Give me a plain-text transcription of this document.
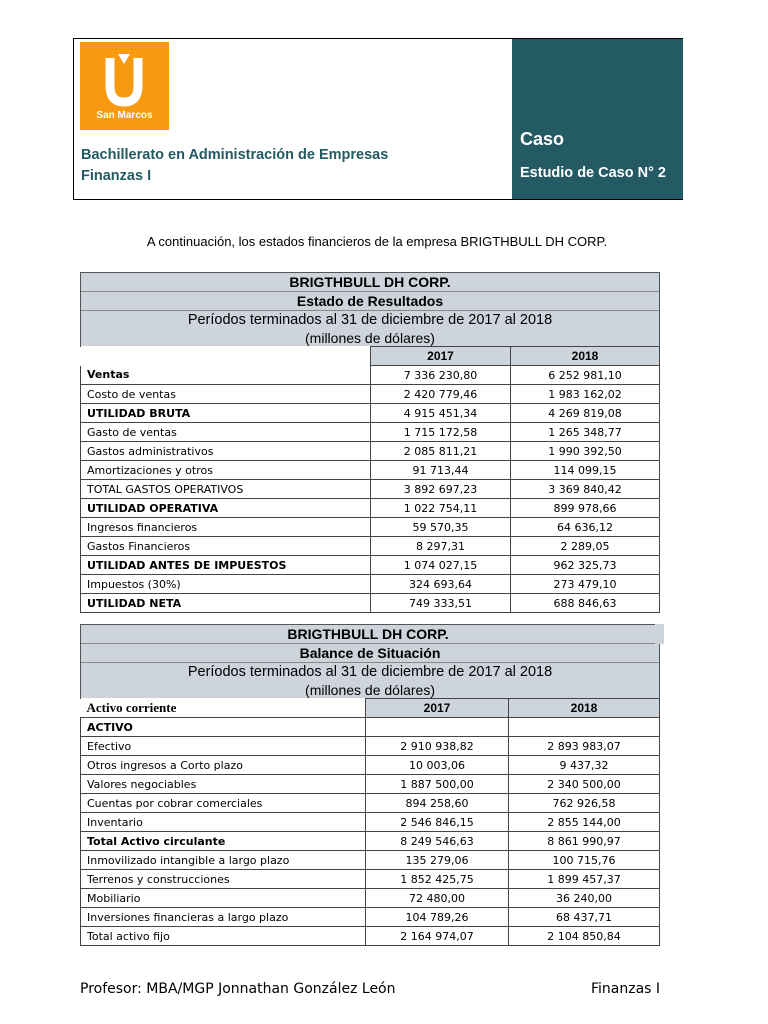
San Marcos
Bachillerato en Administración de Empresas
Finanzas I
Caso
Estudio de Caso N° 2
A continuación, los estados financieros de la empresa BRIGTHBULL DH CORP.
BRIGTHBULL DH CORP.		
Estado de Resultados		
Períodos terminados al 31 de diciembre de 2017 al 2018		
(millones de dólares)		
	2017	2018
Ventas	7 336 230,80	6 252 981,10
Costo de ventas	2 420 779,46	1 983 162,02
UTILIDAD BRUTA	4 915 451,34	4 269 819,08
Gasto de ventas	1 715 172,58	1 265 348,77
Gastos administrativos	2 085 811,21	1 990 392,50
Amortizaciones y otros	91 713,44	114 099,15
TOTAL GASTOS OPERATIVOS	3 892 697,23	3 369 840,42
UTILIDAD OPERATIVA	1 022 754,11	899 978,66
Ingresos financieros	59 570,35	64 636,12
Gastos Financieros	8 297,31	2 289,05
UTILIDAD ANTES DE IMPUESTOS	1 074 027,15	962 325,73
Impuestos (30%)	324 693,64	273 479,10
UTILIDAD NETA	749 333,51	688 846,63
BRIGTHBULL DH CORP.		
Balance de Situación		
Períodos terminados al 31 de diciembre de 2017 al 2018		
(millones de dólares)		
Activo corriente	2017	2018
ACTIVO		
Efectivo	2 910 938,82	2 893 983,07
Otros ingresos a Corto plazo	10 003,06	9 437,32
Valores negociables	1 887 500,00	2 340 500,00
Cuentas por cobrar comerciales	894 258,60	762 926,58
Inventario	2 546 846,15	2 855 144,00
Total Activo circulante	8 249 546,63	8 861 990,97
Inmovilizado intangible a largo plazo	135 279,06	100 715,76
Terrenos y construcciones	1 852 425,75	1 899 457,37
Mobiliario	72 480,00	36 240,00
Inversiones financieras a largo plazo	104 789,26	68 437,71
Total activo fijo	2 164 974,07	2 104 850,84
Profesor: MBA/MGP Jonnathan González León	Finanzas I
